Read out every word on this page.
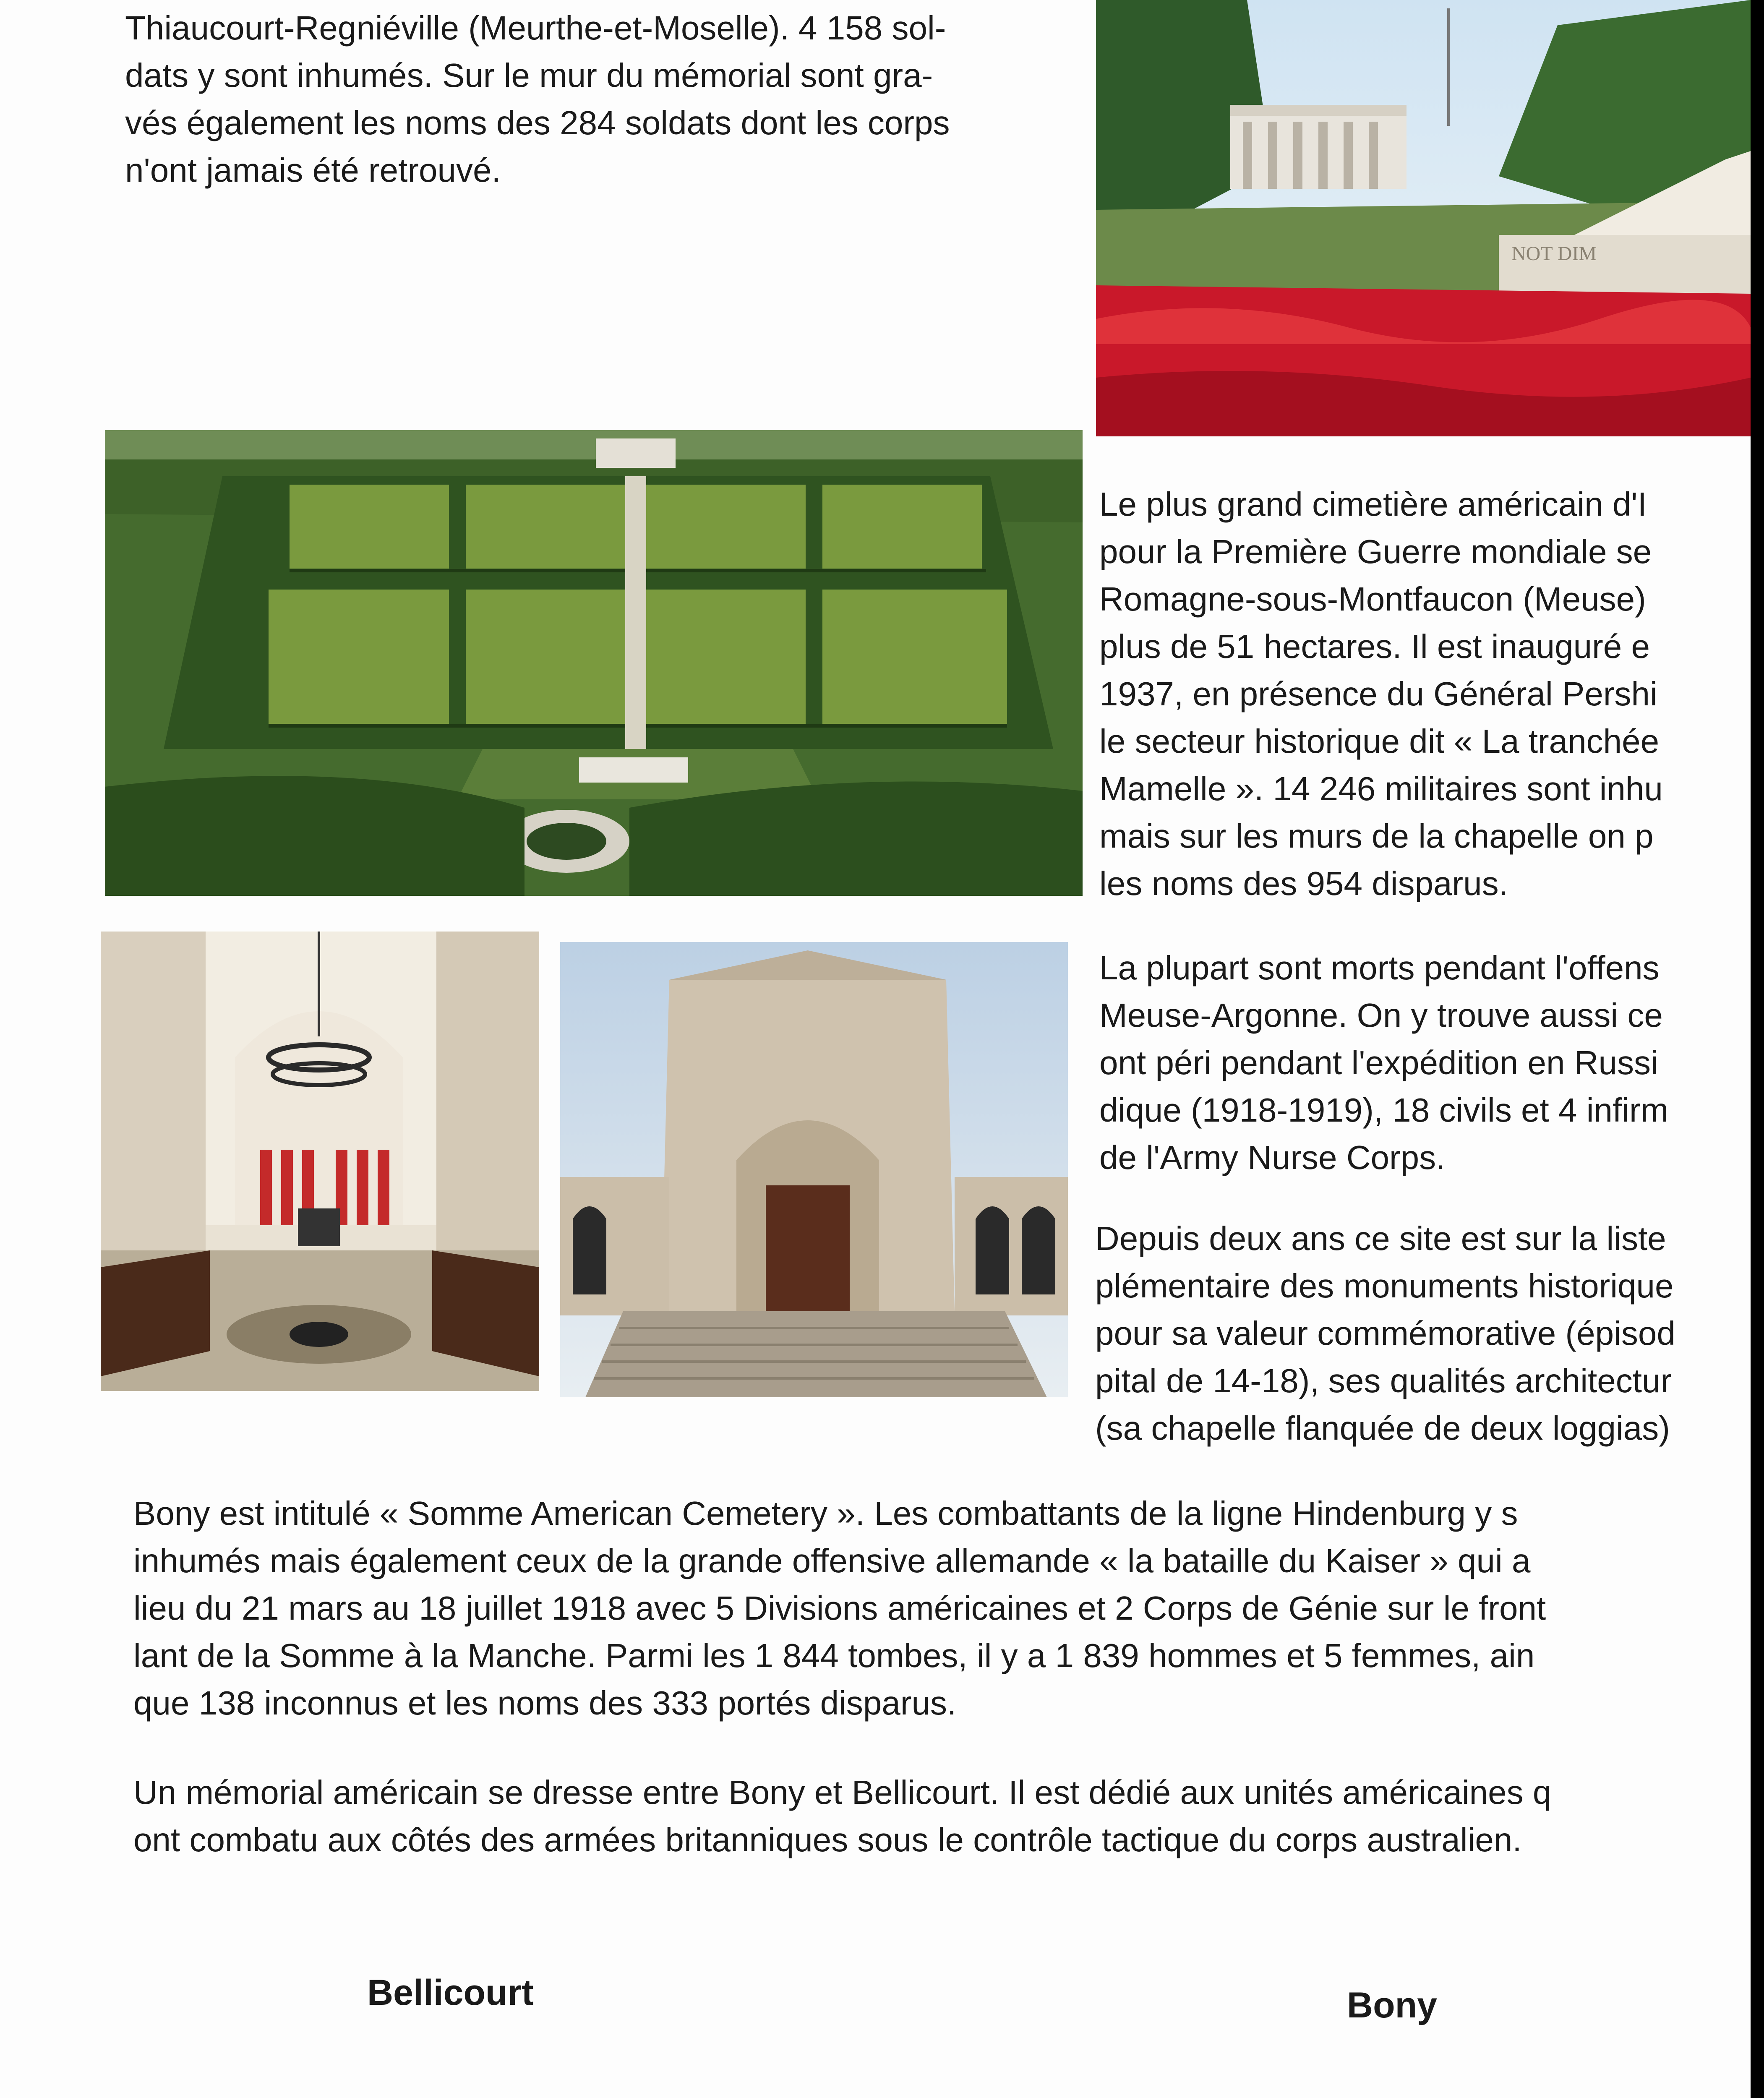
Thiaucourt-Regniéville (Meurthe-et-Moselle). 4 158 sol-
dats y sont inhumés. Sur le mur du mémorial sont gra-
vés également les noms des 284 soldats dont les corps
n'ont jamais été retrouvé.

NOT DIM

Le plus grand cimetière américain d'I
pour la Première Guerre mondiale se
Romagne-sous-Montfaucon (Meuse)
plus de 51 hectares. Il est inauguré e
1937, en présence du Général Pershi
le secteur historique dit « La tranchée
Mamelle ». 14 246 militaires sont inhu
mais sur les murs de la chapelle on p
les noms des 954 disparus.

La plupart sont morts pendant l'offens
Meuse-Argonne. On y trouve aussi ce
ont péri pendant l'expédition en Russi
dique (1918-1919), 18 civils et 4 infirm
de l'Army Nurse Corps.

Depuis deux ans ce site est sur la liste
plémentaire des monuments historique
pour sa valeur commémorative (épisod
pital de 14-18), ses qualités architectur
(sa chapelle flanquée de deux loggias)

Bony est intitulé « Somme American Cemetery ». Les combattants de la ligne Hindenburg y s
inhumés mais également ceux de la grande offensive allemande « la bataille du Kaiser » qui a
lieu du 21 mars au 18 juillet 1918 avec 5 Divisions américaines et 2 Corps de Génie sur le front
lant de la Somme à la Manche. Parmi les 1 844 tombes, il y a 1 839 hommes et 5 femmes, ain
que 138 inconnus et les noms des 333 portés disparus.

Un mémorial américain se dresse entre Bony et Bellicourt. Il est dédié aux unités américaines q
ont combatu aux côtés des armées britanniques sous le contrôle tactique du corps australien.

Bellicourt	Bony
